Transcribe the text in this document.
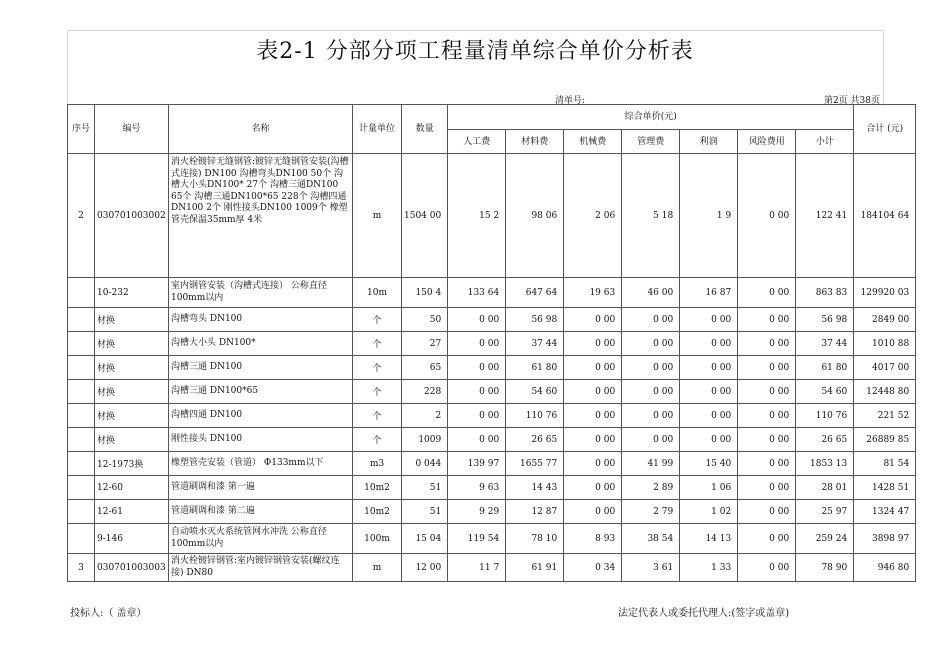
表2-1 分部分项工程量清单综合单价分析表
清单号:	第2页 共38页
序号	编号	名称	计量单位	数量	综合单价(元)							合计 (元)
					人工费	材料费	机械费	管理费	利润	风险费用	小计	
2	030701003002	消火栓镀锌无缝钢管:镀锌无缝钢管安装(沟槽式连接) DN100 沟槽弯头DN100 50个 沟槽大小头DN100* 27个 沟槽三通DN100 65个 沟槽三通DN100*65 228个 沟槽四通DN100 2个 刚性接头DN100 1009个 橡塑管壳保温35mm厚 4米	m	1504 00	15 2	98 06	2 06	5 18	1 9	0 00	122 41	184104 64
	10-232	室内钢管安装（沟槽式连接） 公称直径100mm以内	10m	150 4	133 64	647 64	19 63	46 00	16 87	0 00	863 83	129920 03
	材换	沟槽弯头 DN100	个	50	0 00	56 98	0 00	0 00	0 00	0 00	56 98	2849 00
	材换	沟槽大小头 DN100*	个	27	0 00	37 44	0 00	0 00	0 00	0 00	37 44	1010 88
	材换	沟槽三通 DN100	个	65	0 00	61 80	0 00	0 00	0 00	0 00	61 80	4017 00
	材换	沟槽三通 DN100*65	个	228	0 00	54 60	0 00	0 00	0 00	0 00	54 60	12448 80
	材换	沟槽四通 DN100	个	2	0 00	110 76	0 00	0 00	0 00	0 00	110 76	221 52
	材换	刚性接头 DN100	个	1009	0 00	26 65	0 00	0 00	0 00	0 00	26 65	26889 85
	12-1973换	橡塑管壳安装（管道） Φ133mm以下	m3	0 044	139 97	1655 77	0 00	41 99	15 40	0 00	1853 13	81 54
	12-60	管道刷调和漆 第一遍	10m2	51	9 63	14 43	0 00	2 89	1 06	0 00	28 01	1428 51
	12-61	管道刷调和漆 第二遍	10m2	51	9 29	12 87	0 00	2 79	1 02	0 00	25 97	1324 47
	9-146	自动喷水灭火系统管网水冲洗 公称直径100mm以内	100m	15 04	119 54	78 10	8 93	38 54	14 13	0 00	259 24	3898 97
3	030701003003	消火栓镀锌钢管:室内镀锌钢管安装(螺纹连接) DN80	m	12 00	11 7	61 91	0 34	3 61	1 33	0 00	78 90	946 80
投标人:（ 盖章）	法定代表人或委托代理人:(签字或盖章)
